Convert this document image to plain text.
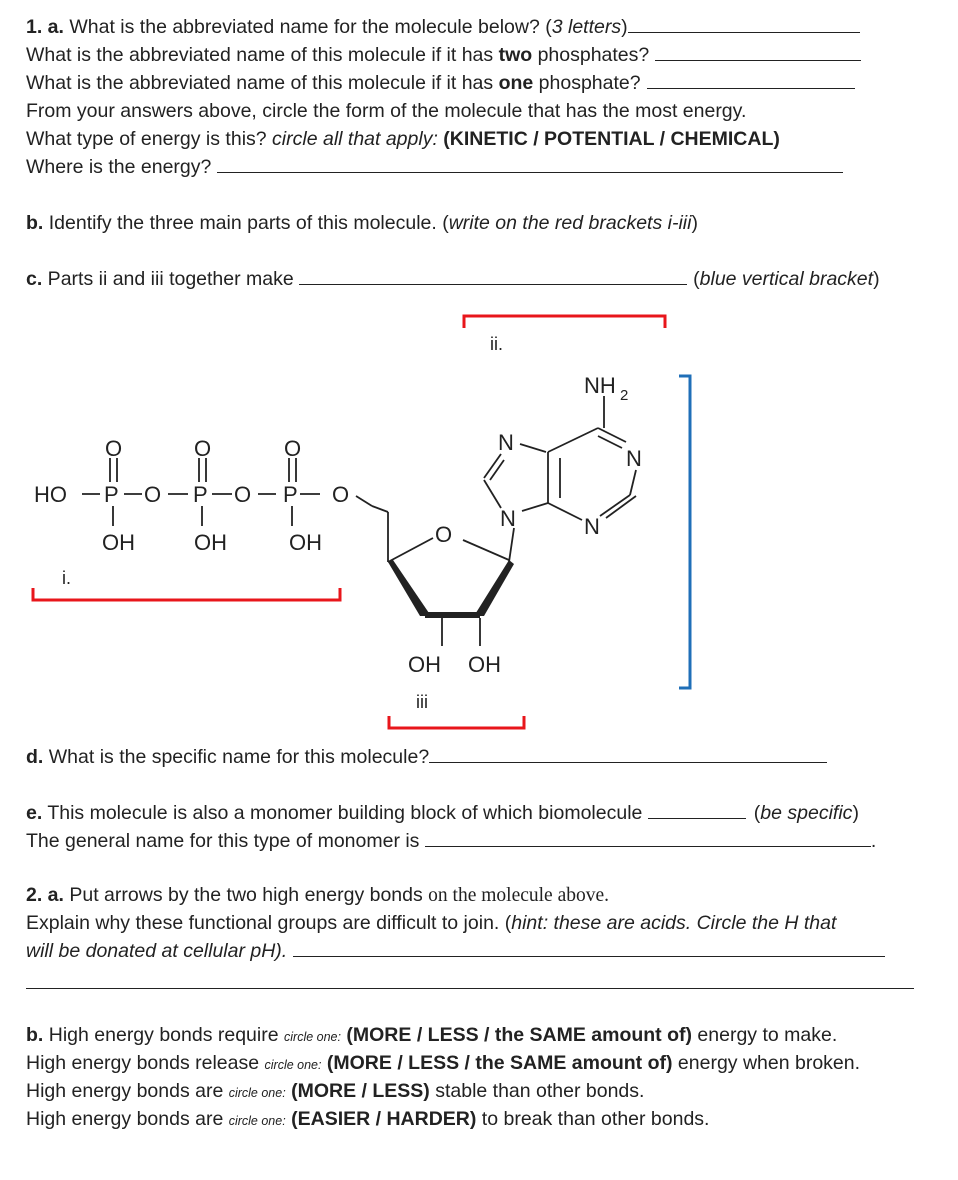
1. a. What is the abbreviated name for the molecule below? (3 letters)
What is the abbreviated name of this molecule if it has two phosphates?
What is the abbreviated name of this molecule if it has one phosphate?
From your answers above, circle the form of the molecule that has the most energy.
What type of energy is this? circle all that apply: (KINETIC / POTENTIAL / CHEMICAL)
Where is the energy?
b. Identify the three main parts of this molecule. (write on the red brackets i-iii)
c. Parts ii and iii together make	(blue vertical bracket)
HO P O P O P O
O	O	O
OH	OH	OH	O
OH OH
N
N
N
N
NH 2
i.
ii.
iii
d. What is the specific name for this molecule?
e. This molecule is also a monomer building block of which biomolecule	(be specific)
The general name for this type of monomer is	.
2. a. Put arrows by the two high energy bonds on the molecule above.
Explain why these functional groups are difficult to join. (hint: these are acids. Circle the H that
will be donated at cellular pH).
b. High energy bonds require circle one: (MORE / LESS / the SAME amount of) energy to make.
High energy bonds release circle one: (MORE / LESS / the SAME amount of) energy when broken.
High energy bonds are circle one: (MORE / LESS) stable than other bonds.
High energy bonds are circle one: (EASIER / HARDER) to break than other bonds.
